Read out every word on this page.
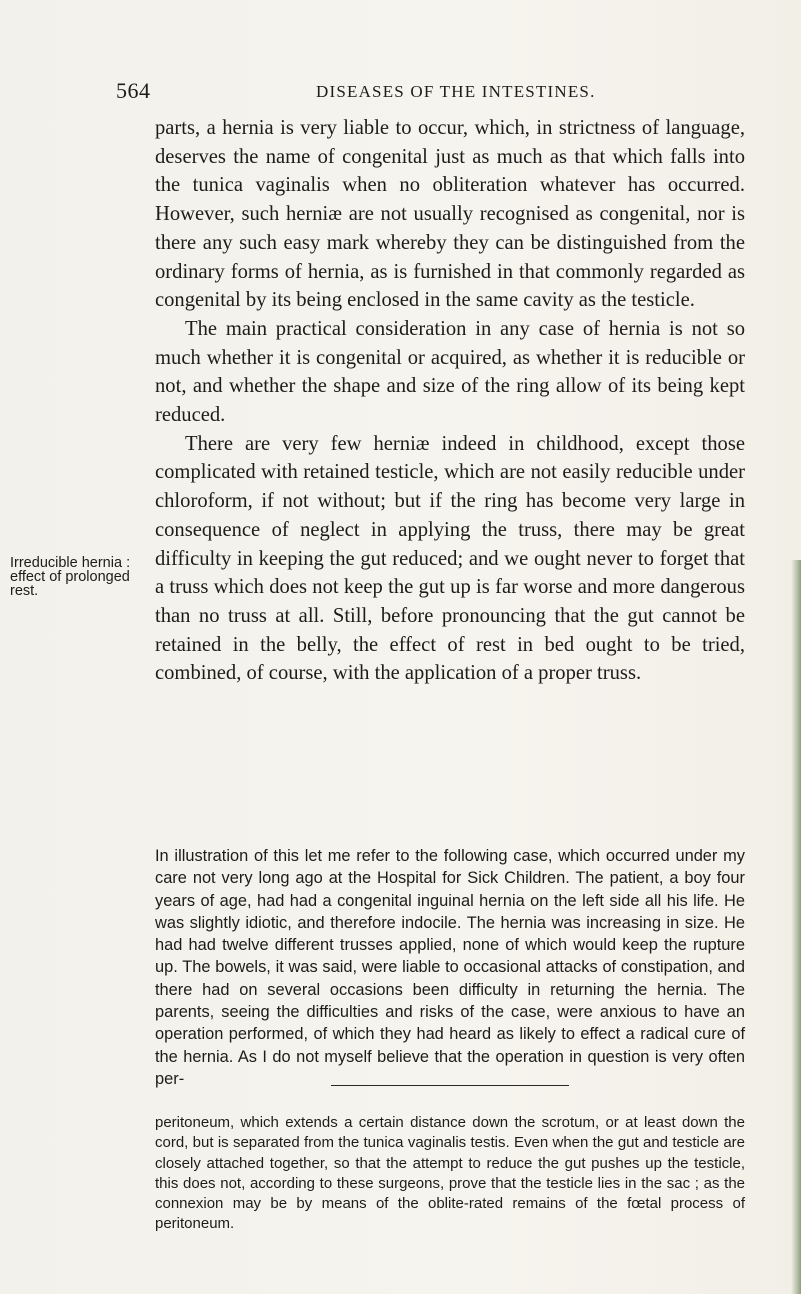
564	DISEASES OF THE INTESTINES.

parts, a hernia is very liable to occur, which, in strictness of language, deserves the name of congenital just as much as that which falls into the tunica vaginalis when no obliteration whatever has occurred. However, such herniæ are not usually recognised as congenital, nor is there any such easy mark whereby they can be distinguished from the ordinary forms of hernia, as is furnished in that commonly regarded as congenital by its being enclosed in the same cavity as the testicle.

The main practical consideration in any case of hernia is not so much whether it is congenital or acquired, as whether it is reducible or not, and whether the shape and size of the ring allow of its being kept reduced.

There are very few herniæ indeed in childhood, except those complicated with retained testicle, which are not easily reducible under chloroform, if not without; but if the ring has become very large in consequence of neglect in applying the truss, there may be great difficulty in keeping the gut reduced; and we ought never to forget that a truss which does not keep the gut up is far worse and more dangerous than no truss at all. Still, before pronouncing that the gut cannot be retained in the belly, the effect of rest in bed ought to be tried, combined, of course, with the application of a proper truss.

Irreducible hernia : effect of prolonged rest.
In illustration of this let me refer to the following case, which occurred under my care not very long ago at the Hospital for Sick Children. The patient, a boy four years of age, had had a congenital inguinal hernia on the left side all his life. He was slightly idiotic, and therefore indocile. The hernia was increasing in size. He had had twelve different trusses applied, none of which would keep the rupture up. The bowels, it was said, were liable to occasional attacks of constipation, and there had on several occasions been difficulty in returning the hernia. The parents, seeing the difficulties and risks of the case, were anxious to have an operation performed, of which they had heard as likely to effect a radical cure of the hernia. As I do not myself believe that the operation in question is very often per-
peritoneum, which extends a certain distance down the scrotum, or at least down the cord, but is separated from the tunica vaginalis testis. Even when the gut and testicle are closely attached together, so that the attempt to reduce the gut pushes up the testicle, this does not, according to these surgeons, prove that the testicle lies in the sac ; as the connexion may be by means of the oblite-rated remains of the fœtal process of peritoneum.
